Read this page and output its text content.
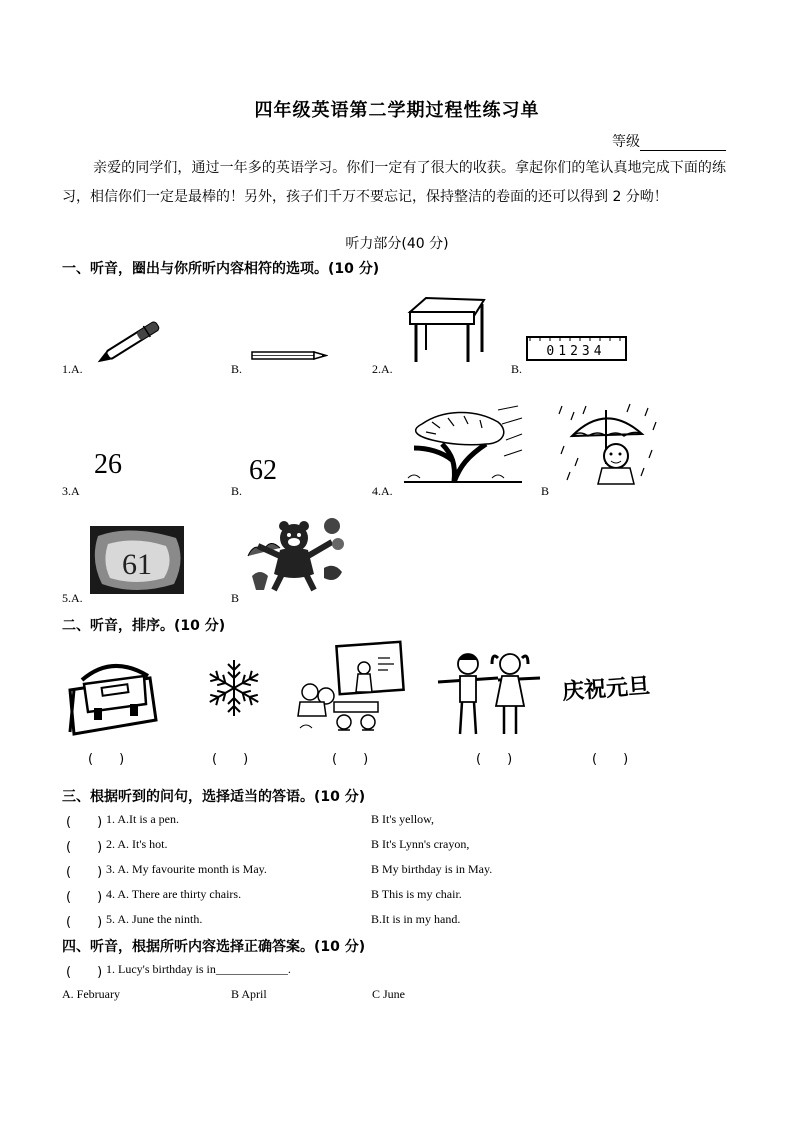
四年级英语第二学期过程性练习单
等级
亲爱的同学们，通过一年多的英语学习。你们一定有了很大的收获。拿起你们的笔认真地完成下面的练习，相信你们一定是最棒的！另外，孩子们千万不要忘记，保持整洁的卷面的还可以得到 2 分呦！
听力部分(40 分)
一、听音，圈出与你所听内容相符的选项。(10 分)
1.A.	B.	2.A.
01234
B.
26
3.A
62
B.	4.A.	B
61
5.A.	B
二、听音，排序。(10 分)
(　　)	(　　)	(　　)	(　　)
庆祝元旦
(　　)
三、根据听到的问句，选择适当的答语。(10 分)
(　　) 1. A.It is a pen.	B It's yellow,
(　　) 2. A. It's hot.	B It's Lynn's crayon,
(　　) 3. A. My favourite month is May.	B My birthday is in May.
(　　) 4. A. There are thirty chairs.	B This is my chair.
(　　) 5. A. June the ninth.	B.It is in my hand.
四、听音，根据所听内容选择正确答案。(10 分)
(　　) 1. Lucy's birthday is in____________.
A. February	B April	C June
